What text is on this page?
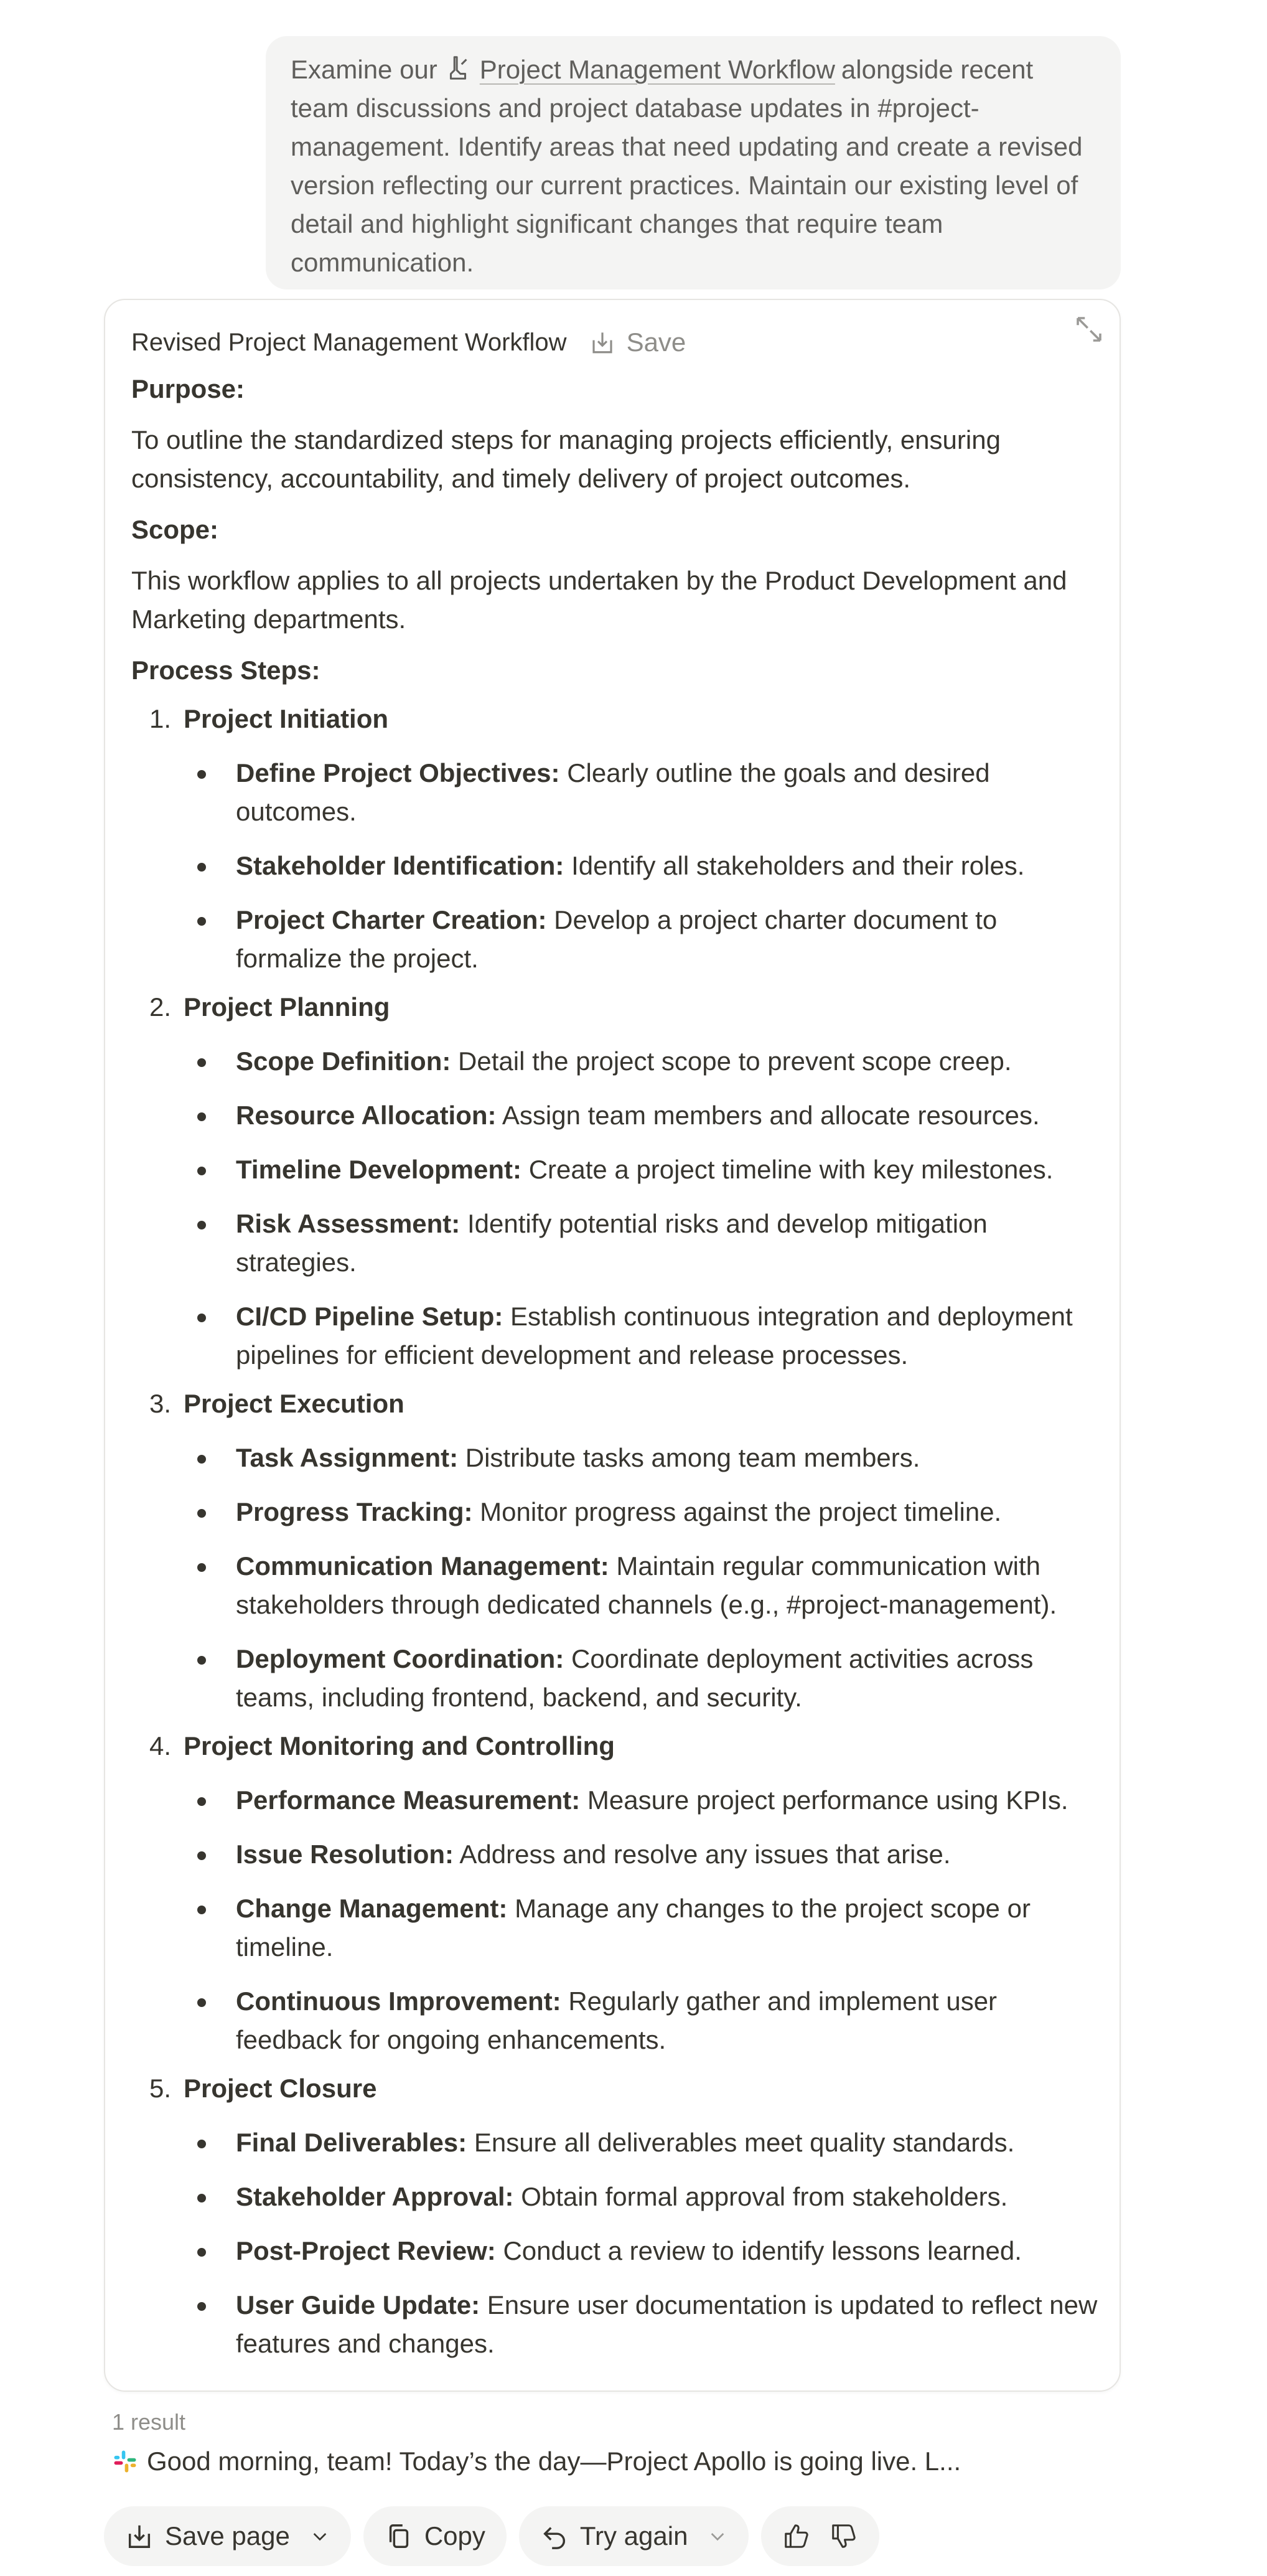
Examine our Project Management Workflow alongside recent team discussions and project database updates in #project-management. Identify areas that need updating and create a revised version reflecting our current practices. Maintain our existing level of detail and highlight significant changes that require team communication.
Revised Project Management Workflow Save
Purpose:
To outline the standardized steps for managing projects efficiently, ensuring consistency, accountability, and timely delivery of project outcomes.
Scope:
This workflow applies to all projects undertaken by the Product Development and Marketing departments.
Process Steps:
1. Project Initiation
Define Project Objectives: Clearly outline the goals and desired outcomes.
Stakeholder Identification: Identify all stakeholders and their roles.
Project Charter Creation: Develop a project charter document to formalize the project.
2. Project Planning
Scope Definition: Detail the project scope to prevent scope creep.
Resource Allocation: Assign team members and allocate resources.
Timeline Development: Create a project timeline with key milestones.
Risk Assessment: Identify potential risks and develop mitigation strategies.
CI/CD Pipeline Setup: Establish continuous integration and deployment pipelines for efficient development and release processes.
3. Project Execution
Task Assignment: Distribute tasks among team members.
Progress Tracking: Monitor progress against the project timeline.
Communication Management: Maintain regular communication with stakeholders through dedicated channels (e.g., #project-management).
Deployment Coordination: Coordinate deployment activities across teams, including frontend, backend, and security.
4. Project Monitoring and Controlling
Performance Measurement: Measure project performance using KPIs.
Issue Resolution: Address and resolve any issues that arise.
Change Management: Manage any changes to the project scope or timeline.
Continuous Improvement: Regularly gather and implement user feedback for ongoing enhancements.
5. Project Closure
Final Deliverables: Ensure all deliverables meet quality standards.
Stakeholder Approval: Obtain formal approval from stakeholders.
Post-Project Review: Conduct a review to identify lessons learned.
User Guide Update: Ensure user documentation is updated to reflect new features and changes.
1 result
Good morning, team! Today’s the day—Project Apollo is going live. L...
Save page	Copy	Try again
